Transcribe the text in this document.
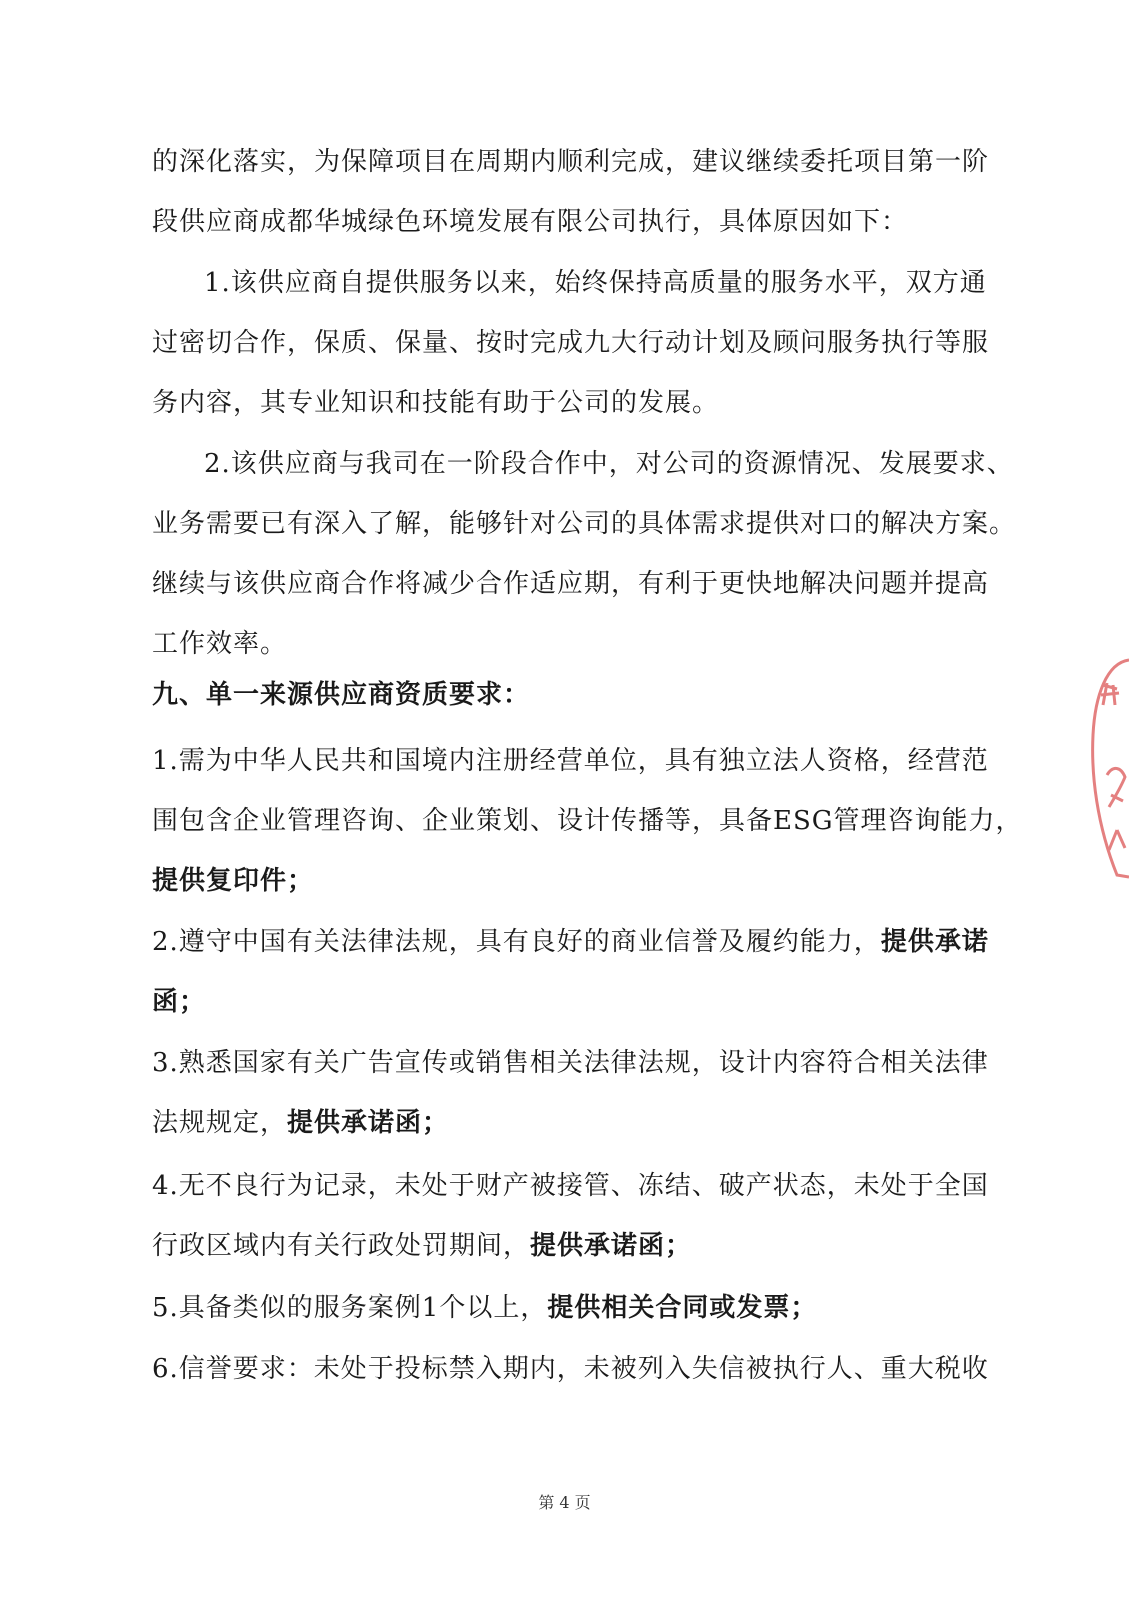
的深化落实，为保障项目在周期内顺利完成，建议继续委托项目第一阶
段供应商成都华城绿色环境发展有限公司执行，具体原因如下：
1.该供应商自提供服务以来，始终保持高质量的服务水平，双方通
过密切合作，保质、保量、按时完成九大行动计划及顾问服务执行等服
务内容，其专业知识和技能有助于公司的发展。
2.该供应商与我司在一阶段合作中，对公司的资源情况、发展要求、
业务需要已有深入了解，能够针对公司的具体需求提供对口的解决方案。
继续与该供应商合作将减少合作适应期，有利于更快地解决问题并提高
工作效率。
九、单一来源供应商资质要求：
1.需为中华人民共和国境内注册经营单位，具有独立法人资格，经营范
围包含企业管理咨询、企业策划、设计传播等，具备ESG管理咨询能力，
提供复印件；
2.遵守中国有关法律法规，具有良好的商业信誉及履约能力，提供承诺
函；
3.熟悉国家有关广告宣传或销售相关法律法规，设计内容符合相关法律
法规规定，提供承诺函；
4.无不良行为记录，未处于财产被接管、冻结、破产状态，未处于全国
行政区域内有关行政处罚期间，提供承诺函；
5.具备类似的服务案例1个以上，提供相关合同或发票；
6.信誉要求：未处于投标禁入期内，未被列入失信被执行人、重大税收
第 4 页
